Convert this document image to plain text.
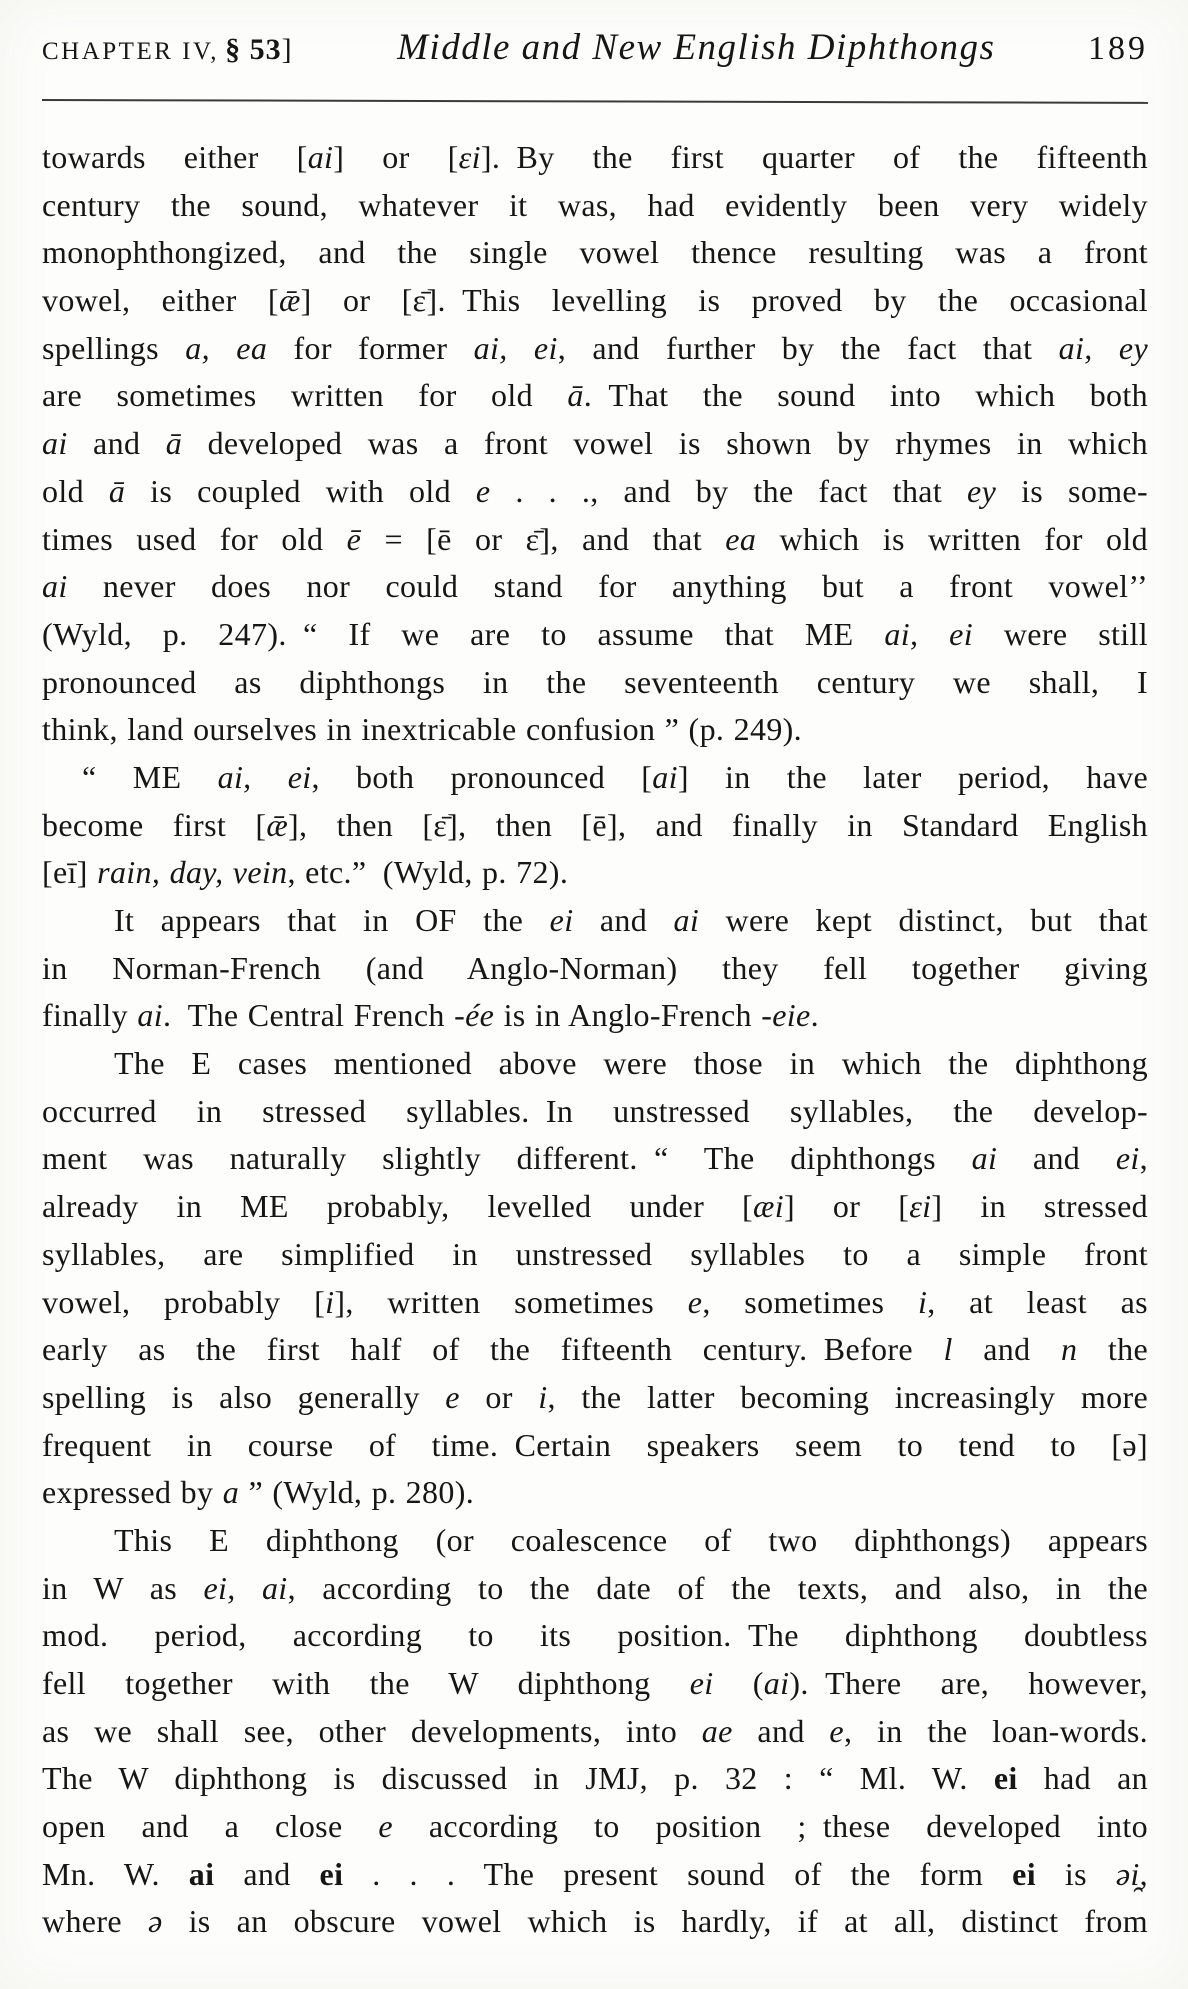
CHAPTER IV, § 53]	Middle and New English Diphthongs	189
towards either [ai] or [εi]. By the first quarter of the fifteenth
century the sound, whatever it was, had evidently been very widely
monophthongized, and the single vowel thence resulting was a front
vowel, either [ǣ] or [ε̄]. This levelling is proved by the occasional
spellings a, ea for former ai, ei, and further by the fact that ai, ey
are sometimes written for old ā. That the sound into which both
ai and ā developed was a front vowel is shown by rhymes in which
old ā is coupled with old e . . ., and by the fact that ey is some-
times used for old ē = [ē or ε̄], and that ea which is written for old
ai never does nor could stand for anything but a front vowel’’
(Wyld, p. 247). “ If we are to assume that ME ai, ei were still
pronounced as diphthongs in the seventeenth century we shall, I
think, land ourselves in inextricable confusion ” (p. 249).
“ ME ai, ei, both pronounced [ai] in the later period, have
become first [ǣ], then [ε̄], then [ē], and finally in Standard English
[eī] rain, day, vein, etc.” (Wyld, p. 72).
It appears that in OF the ei and ai were kept distinct, but that
in Norman-French (and Anglo-Norman) they fell together giving
finally ai. The Central French -ée is in Anglo-French -eie.
The E cases mentioned above were those in which the diphthong
occurred in stressed syllables. In unstressed syllables, the develop-
ment was naturally slightly different. “ The diphthongs ai and ei,
already in ME probably, levelled under [æi] or [εi] in stressed
syllables, are simplified in unstressed syllables to a simple front
vowel, probably [i], written sometimes e, sometimes i, at least as
early as the first half of the fifteenth century. Before l and n the
spelling is also generally e or i, the latter becoming increasingly more
frequent in course of time. Certain speakers seem to tend to [ə]
expressed by a ” (Wyld, p. 280).
This E diphthong (or coalescence of two diphthongs) appears
in W as ei, ai, according to the date of the texts, and also, in the
mod. period, according to its position. The diphthong doubtless
fell together with the W diphthong ei (ai). There are, however,
as we shall see, other developments, into ae and e, in the loan-words.
The W diphthong is discussed in JMJ, p. 32 : “ Ml. W. ei had an
open and a close e according to position ; these developed into
Mn. W. ai and ei . . . The present sound of the form ei is əi̯,
where ə is an obscure vowel which is hardly, if at all, distinct from
